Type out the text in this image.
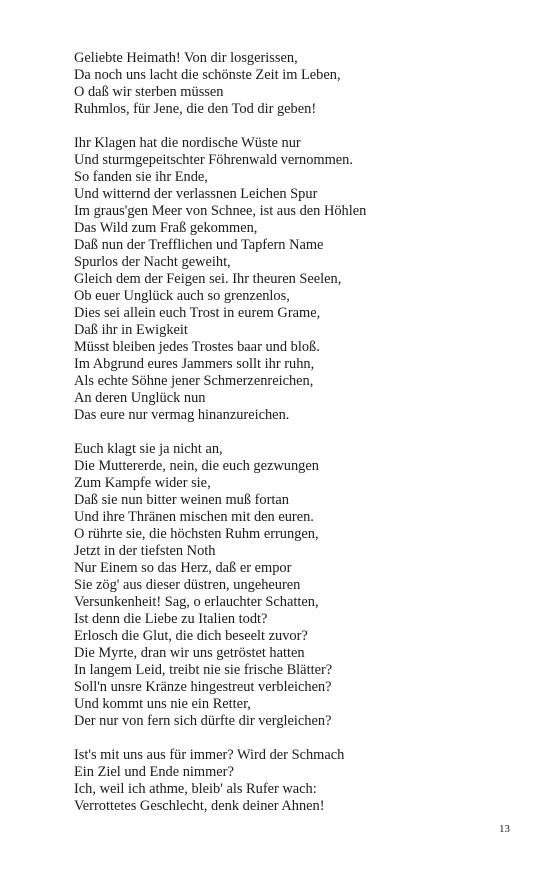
Geliebte Heimath! Von dir losgerissen,
Da noch uns lacht die schönste Zeit im Leben,
O daß wir sterben müssen
Ruhmlos, für Jene, die den Tod dir geben!
Ihr Klagen hat die nordische Wüste nur
Und sturmgepeitschter Föhrenwald vernommen.
So fanden sie ihr Ende,
Und witternd der verlassnen Leichen Spur
Im graus'gen Meer von Schnee, ist aus den Höhlen
Das Wild zum Fraß gekommen,
Daß nun der Trefflichen und Tapfern Name
Spurlos der Nacht geweiht,
Gleich dem der Feigen sei. Ihr theuren Seelen,
Ob euer Unglück auch so grenzenlos,
Dies sei allein euch Trost in eurem Grame,
Daß ihr in Ewigkeit
Müsst bleiben jedes Trostes baar und bloß.
Im Abgrund eures Jammers sollt ihr ruhn,
Als echte Söhne jener Schmerzenreichen,
An deren Unglück nun
Das eure nur vermag hinanzureichen.
Euch klagt sie ja nicht an,
Die Muttererde, nein, die euch gezwungen
Zum Kampfe wider sie,
Daß sie nun bitter weinen muß fortan
Und ihre Thränen mischen mit den euren.
O rührte sie, die höchsten Ruhm errungen,
Jetzt in der tiefsten Noth
Nur Einem so das Herz, daß er empor
Sie zög' aus dieser düstren, ungeheuren
Versunkenheit! Sag, o erlauchter Schatten,
Ist denn die Liebe zu Italien todt?
Erlosch die Glut, die dich beseelt zuvor?
Die Myrte, dran wir uns getröstet hatten
In langem Leid, treibt nie sie frische Blätter?
Soll'n unsre Kränze hingestreut verbleichen?
Und kommt uns nie ein Retter,
Der nur von fern sich dürfte dir vergleichen?
Ist's mit uns aus für immer? Wird der Schmach
Ein Ziel und Ende nimmer?
Ich, weil ich athme, bleib' als Rufer wach:
Verrottetes Geschlecht, denk deiner Ahnen!
13
